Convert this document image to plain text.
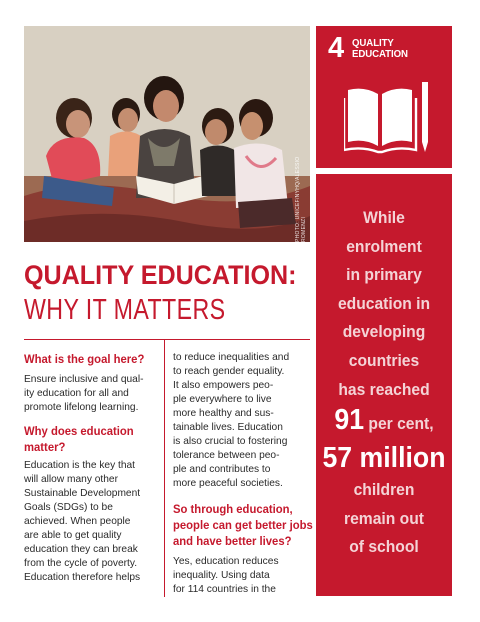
PHOTO: UNICEF/NYHQ/ALESSIO ROMENZI
4 QUALITY
EDUCATION
While
enrolment
in primary
education in
developing
countries
has reached
91 per cent,
57 million
children
remain out
of school
QUALITY EDUCATION:
WHY IT MATTERS
What is the goal here?

Ensure inclusive and qual-
ity education for all and
promote lifelong learning.

Why does education
matter?

Education is the key that
will allow many other
Sustainable Development
Goals (SDGs) to be
achieved. When people
are able to get quality
education they can break
from the cycle of poverty.
Education therefore helps

to reduce inequalities and
to reach gender equality.
It also empowers peo-
ple everywhere to live
more healthy and sus-
tainable lives. Education
is also crucial to fostering
tolerance between peo-
ple and contributes to
more peaceful societies.

So through education,
people can get better jobs
and have better lives?

Yes, education reduces
inequality. Using data
for 114 countries in the
